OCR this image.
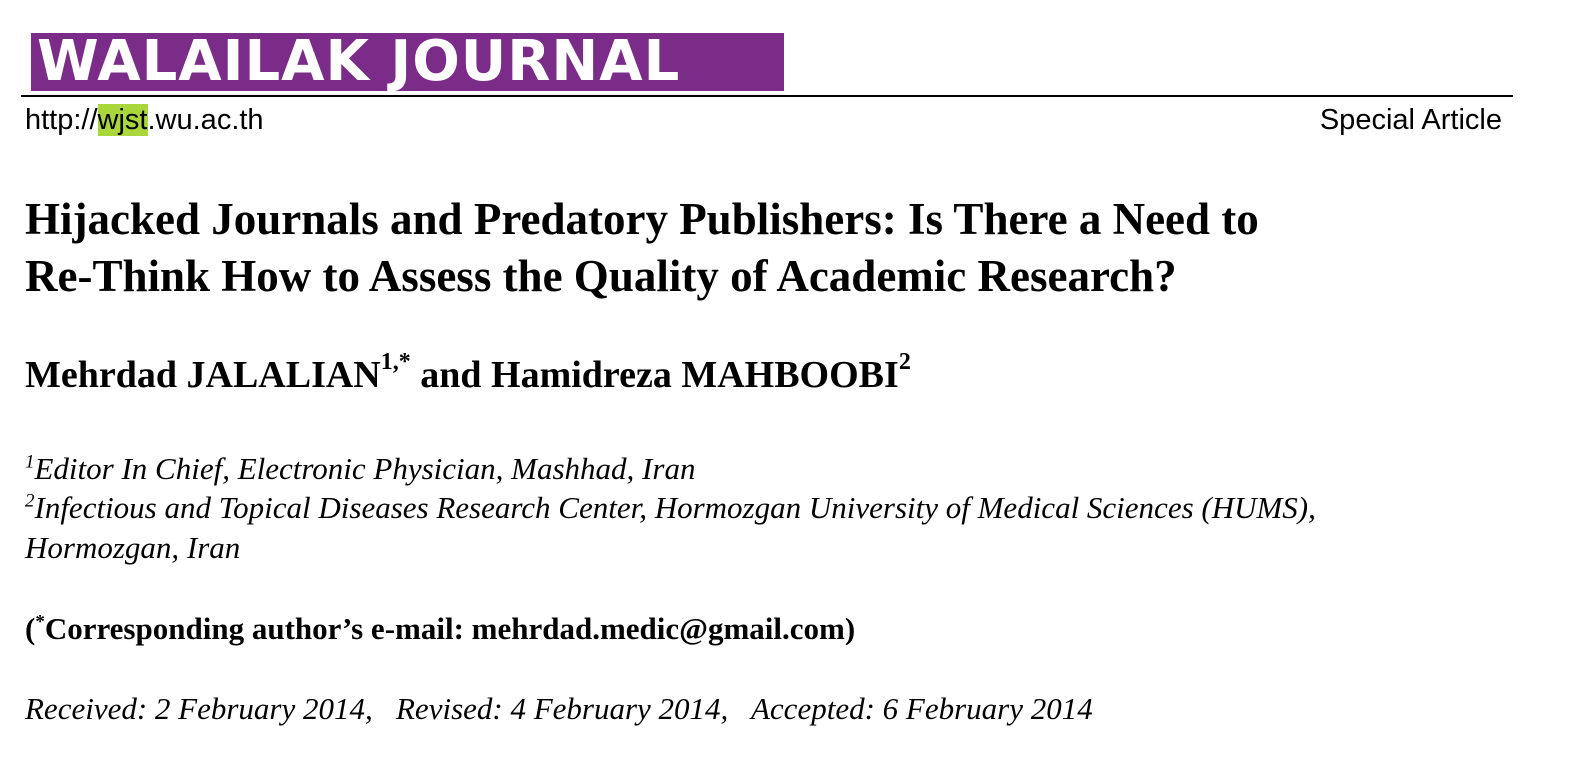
WALAILAK JOURNAL
http://wjst.wu.ac.th	Special Article
Hijacked Journals and Predatory Publishers: Is There a Need to
Re-Think How to Assess the Quality of Academic Research?
Mehrdad $JALALIAN^{1,*}$ and Hamidreza MAHBOOBI$^2$
$^1$Editor In Chief, Electronic Physician, Mashhad, Iran
$^2$Infectious and Topical Diseases Research Center, Hormozgan University of Medical Sciences (HUMS),
Hormozgan, Iran
(*Corresponding author’s e-mail: mehrdad.medic@gmail.com)
Received: 2 February 2014,   Revised: 4 February 2014,   Accepted: 6 February 2014
